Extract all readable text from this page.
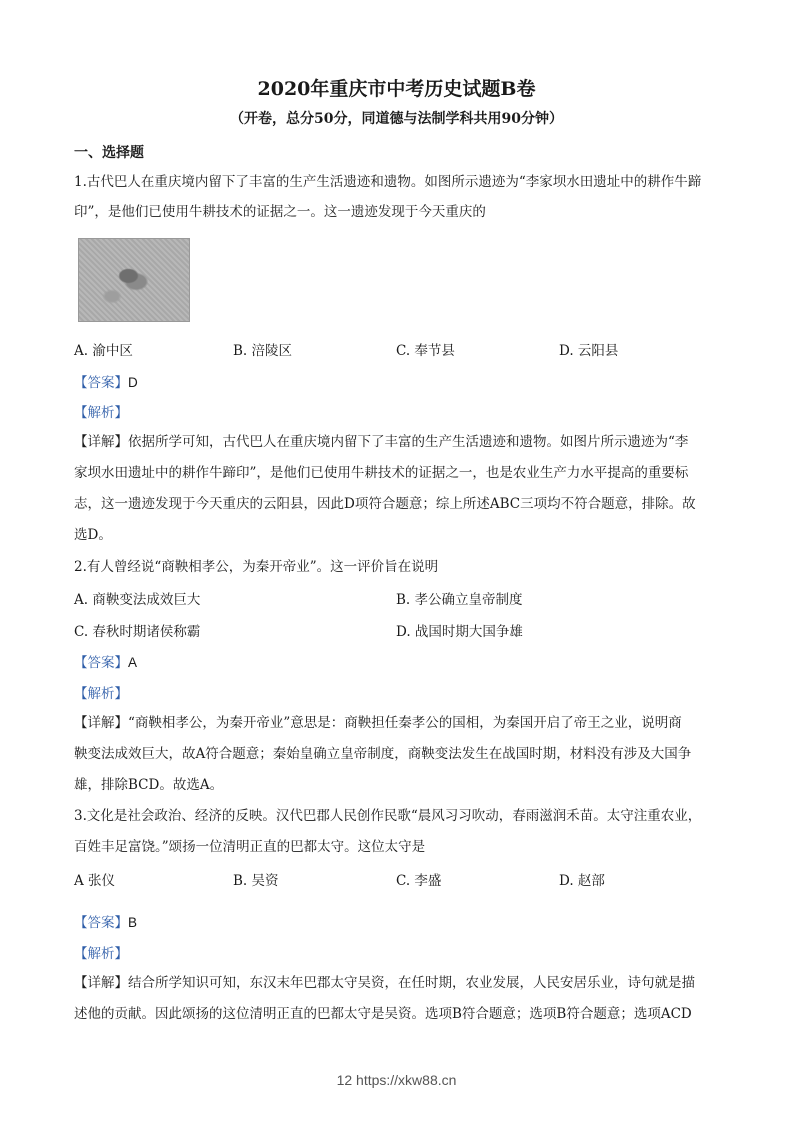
2020年重庆市中考历史试题B卷
（开卷，总分50分，同道德与法制学科共用90分钟）
一、选择题
1.古代巴人在重庆境内留下了丰富的生产生活遗迹和遗物。如图所示遗迹为“李家坝水田遗址中的耕作牛蹄
印”，是他们已使用牛耕技术的证据之一。这一遗迹发现于今天重庆的
A. 渝中区	B. 涪陵区	C. 奉节县	D. 云阳县
【答案】D
【解析】
【详解】依据所学可知，古代巴人在重庆境内留下了丰富的生产生活遗迹和遗物。如图片所示遗迹为“李
家坝水田遗址中的耕作牛蹄印”，是他们已使用牛耕技术的证据之一，也是农业生产力水平提高的重要标
志，这一遗迹发现于今天重庆的云阳县，因此D项符合题意；综上所述ABC三项均不符合题意，排除。故
选D。
2.有人曾经说“商鞅相孝公，为秦开帝业”。这一评价旨在说明
A. 商鞅变法成效巨大	B. 孝公确立皇帝制度
C. 春秋时期诸侯称霸	D. 战国时期大国争雄
【答案】A
【解析】
【详解】“商鞅相孝公，为秦开帝业”意思是：商鞅担任秦孝公的国相，为秦国开启了帝王之业，说明商
鞅变法成效巨大，故A符合题意；秦始皇确立皇帝制度，商鞅变法发生在战国时期，材料没有涉及大国争
雄，排除BCD。故选A。
3.文化是社会政治、经济的反映。汉代巴郡人民创作民歌“晨风习习吹动，春雨滋润禾苗。太守注重农业，
百姓丰足富饶。”颂扬一位清明正直的巴都太守。这位太守是
A 张仪	B. 吴资	C. 李盛	D. 赵部
【答案】B
【解析】
【详解】结合所学知识可知，东汉末年巴郡太守吴资，在任时期，农业发展，人民安居乐业，诗句就是描
述他的贡献。因此颂扬的这位清明正直的巴都太守是吴资。选项B符合题意；选项B符合题意；选项ACD
12 https://xkw88.cn
